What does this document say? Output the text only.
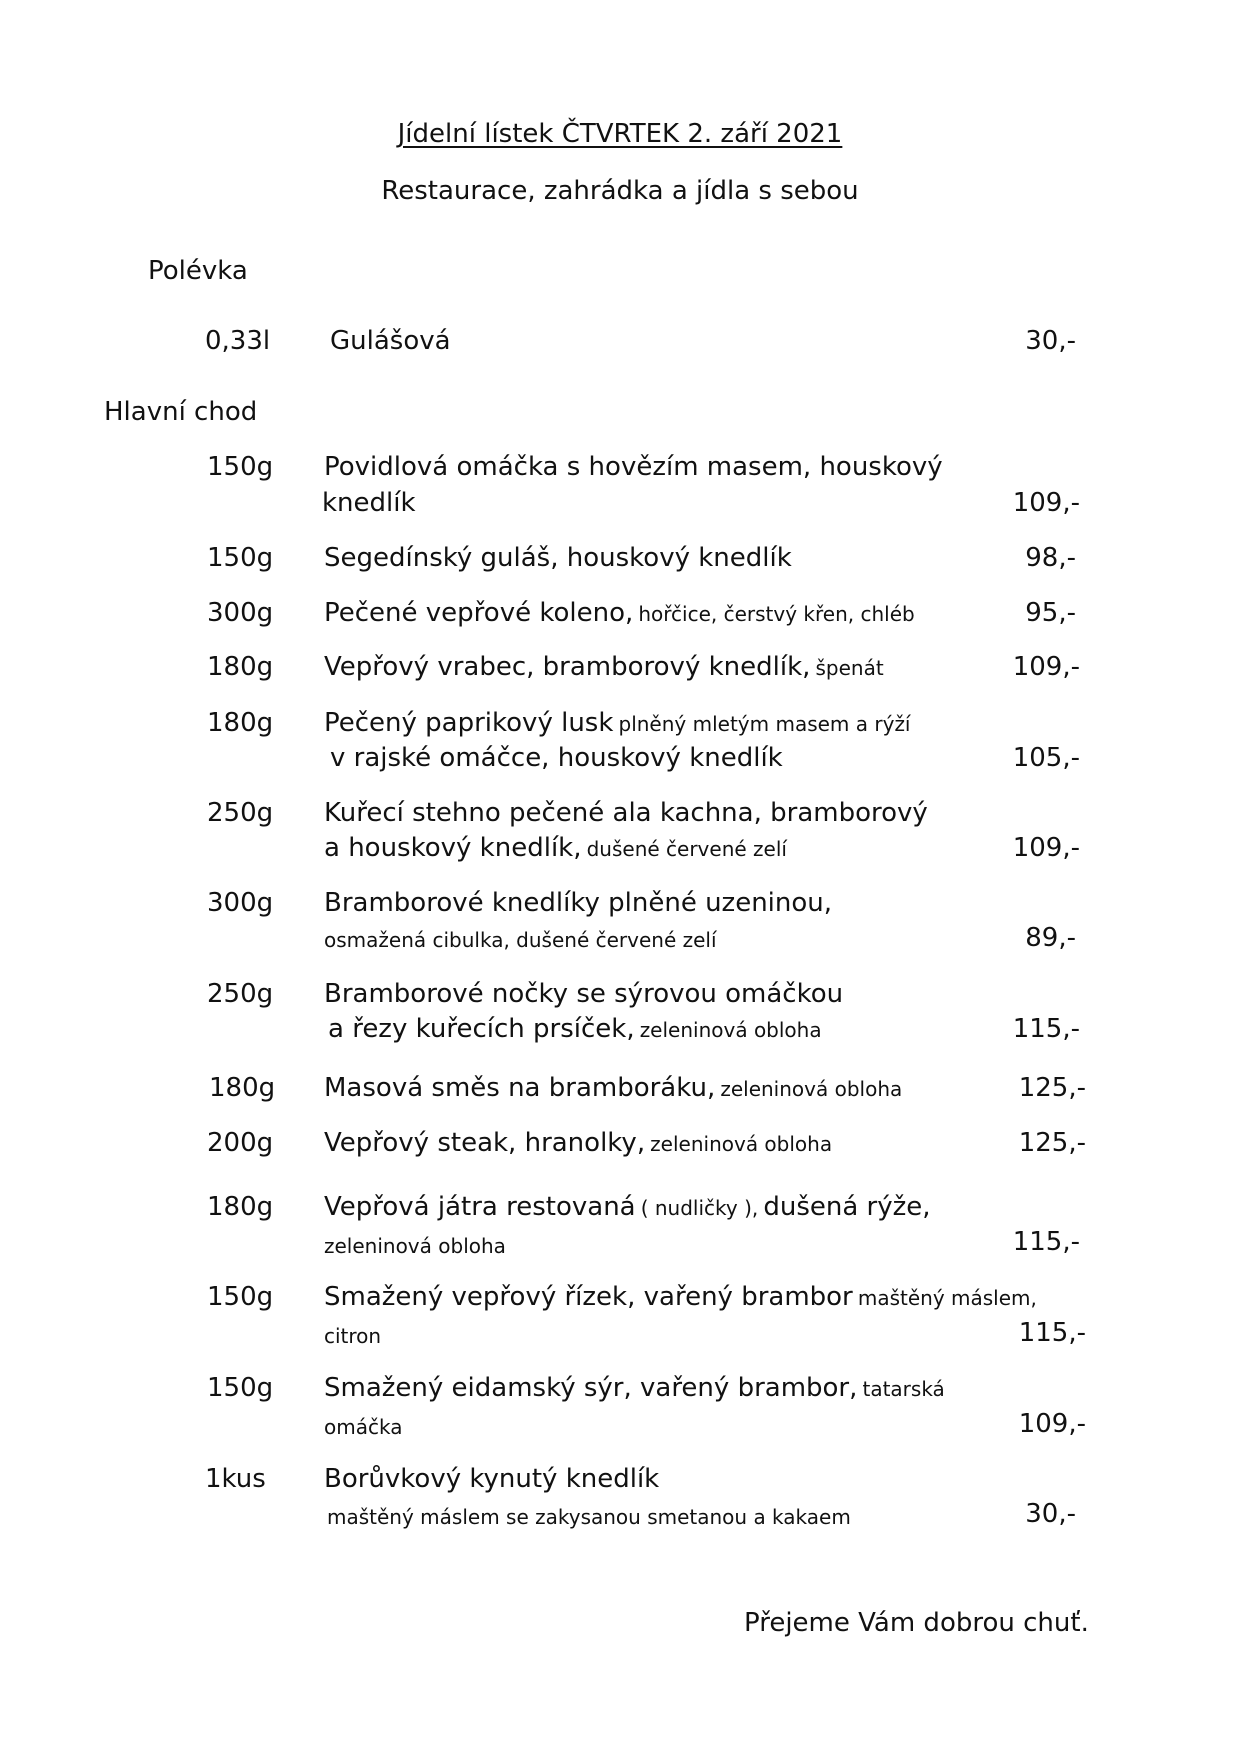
Jídelní lístek ČTVRTEK 2. září 2021
Restaurace, zahrádka a jídla s sebou
Polévka
0,33l Gulášová	30,-
Hlavní chod
150g Povidlová omáčka s hovězím masem, houskový
knedlík	109,-
150g Segedínský guláš, houskový knedlík	98,-
300g Pečené vepřové koleno, hořčice, čerstvý křen, chléb	95,-
180g Vepřový vrabec, bramborový knedlík, špenát	109,-
180g Pečený paprikový lusk plněný mletým masem a rýží
v rajské omáčce, houskový knedlík	105,-
250g Kuřecí stehno pečené ala kachna, bramborový
a houskový knedlík, dušené červené zelí	109,-
300g Bramborové knedlíky plněné uzeninou,
osmažená cibulka, dušené červené zelí	89,-
250g Bramborové nočky se sýrovou omáčkou
a řezy kuřecích prsíček, zeleninová obloha	115,-
180g Masová směs na bramboráku, zeleninová obloha	125,-
200g Vepřový steak, hranolky, zeleninová obloha	125,-
180g Vepřová játra restovaná ( nudličky ), dušená rýže,
zeleninová obloha	115,-
150g Smažený vepřový řízek, vařený brambor maštěný máslem,
citron	115,-
150g Smažený eidamský sýr, vařený brambor, tatarská
omáčka	109,-
1kus Borůvkový kynutý knedlík
maštěný máslem se zakysanou smetanou a kakaem	30,-
Přejeme Vám dobrou chuť.
